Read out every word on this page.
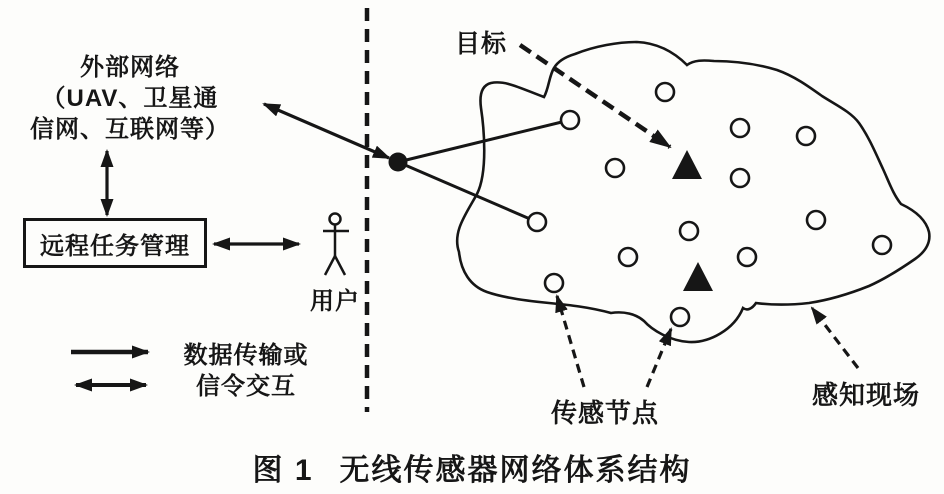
外部网络
（UAV、卫星通
信网、互联网等）
远程任务管理
用户
数据传输或
信令交互
目标
传感节点
感知现场
图 1 无线传感器网络体系结构
